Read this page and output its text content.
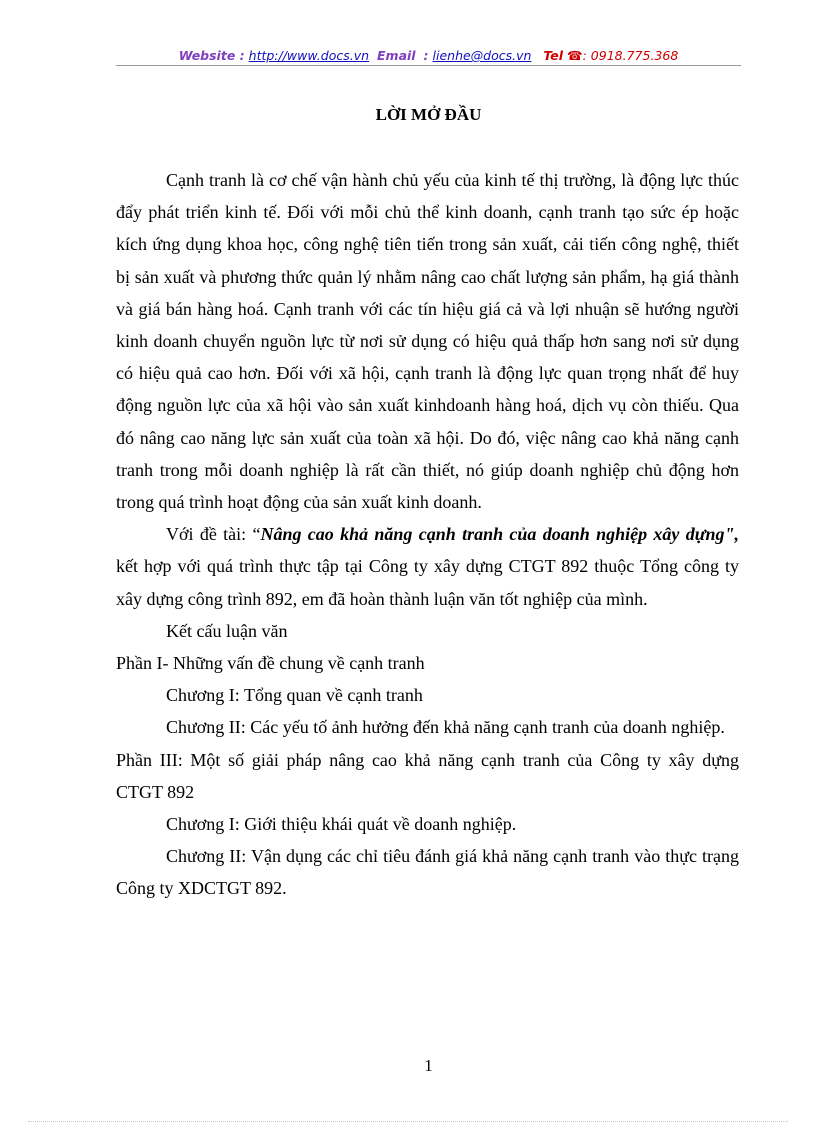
Website : http://www.docs.vn Email : lienhe@docs.vn Tel ☎: 0918.775.368
LỜI MỞ ĐẦU

Cạnh tranh là cơ chế vận hành chủ yếu của kinh tế thị trường, là động lực thúc đẩy phát triển kinh tế. Đối với mỗi chủ thể kinh doanh, cạnh tranh tạo sức ép hoặc kích ứng dụng khoa học, công nghệ tiên tiến trong sản xuất, cải tiến công nghệ, thiết bị sản xuất và phương thức quản lý nhằm nâng cao chất lượng sản phẩm, hạ giá thành và giá bán hàng hoá. Cạnh tranh với các tín hiệu giá cả và lợi nhuận sẽ hướng người kinh doanh chuyển nguồn lực từ nơi sử dụng có hiệu quả thấp hơn sang nơi sử dụng có hiệu quả cao hơn. Đối với xã hội, cạnh tranh là động lực quan trọng nhất để huy động nguồn lực của xã hội vào sản xuất kinhdoanh hàng hoá, dịch vụ còn thiếu. Qua đó nâng cao năng lực sản xuất của toàn xã hội. Do đó, việc nâng cao khả năng cạnh tranh trong mỗi doanh nghiệp là rất cần thiết, nó giúp doanh nghiệp chủ động hơn trong quá trình hoạt động của sản xuất kinh doanh.

Với đề tài: “Nâng cao khả năng cạnh tranh của doanh nghiệp xây dựng", kết hợp với quá trình thực tập tại Công ty xây dựng CTGT 892 thuộc Tổng công ty xây dựng công trình 892, em đã hoàn thành luận văn tốt nghiệp của mình.

Kết cấu luận văn

Phần I- Những vấn đề chung về cạnh tranh

Chương I: Tổng quan về cạnh tranh

Chương II: Các yếu tố ảnh hưởng đến khả năng cạnh tranh của doanh nghiệp.

Phần III: Một số giải pháp nâng cao khả năng cạnh tranh của Công ty xây dựng CTGT 892

Chương I: Giới thiệu khái quát về doanh nghiệp.

Chương II: Vận dụng các chỉ tiêu đánh giá khả năng cạnh tranh vào thực trạng Công ty XDCTGT 892.

1
